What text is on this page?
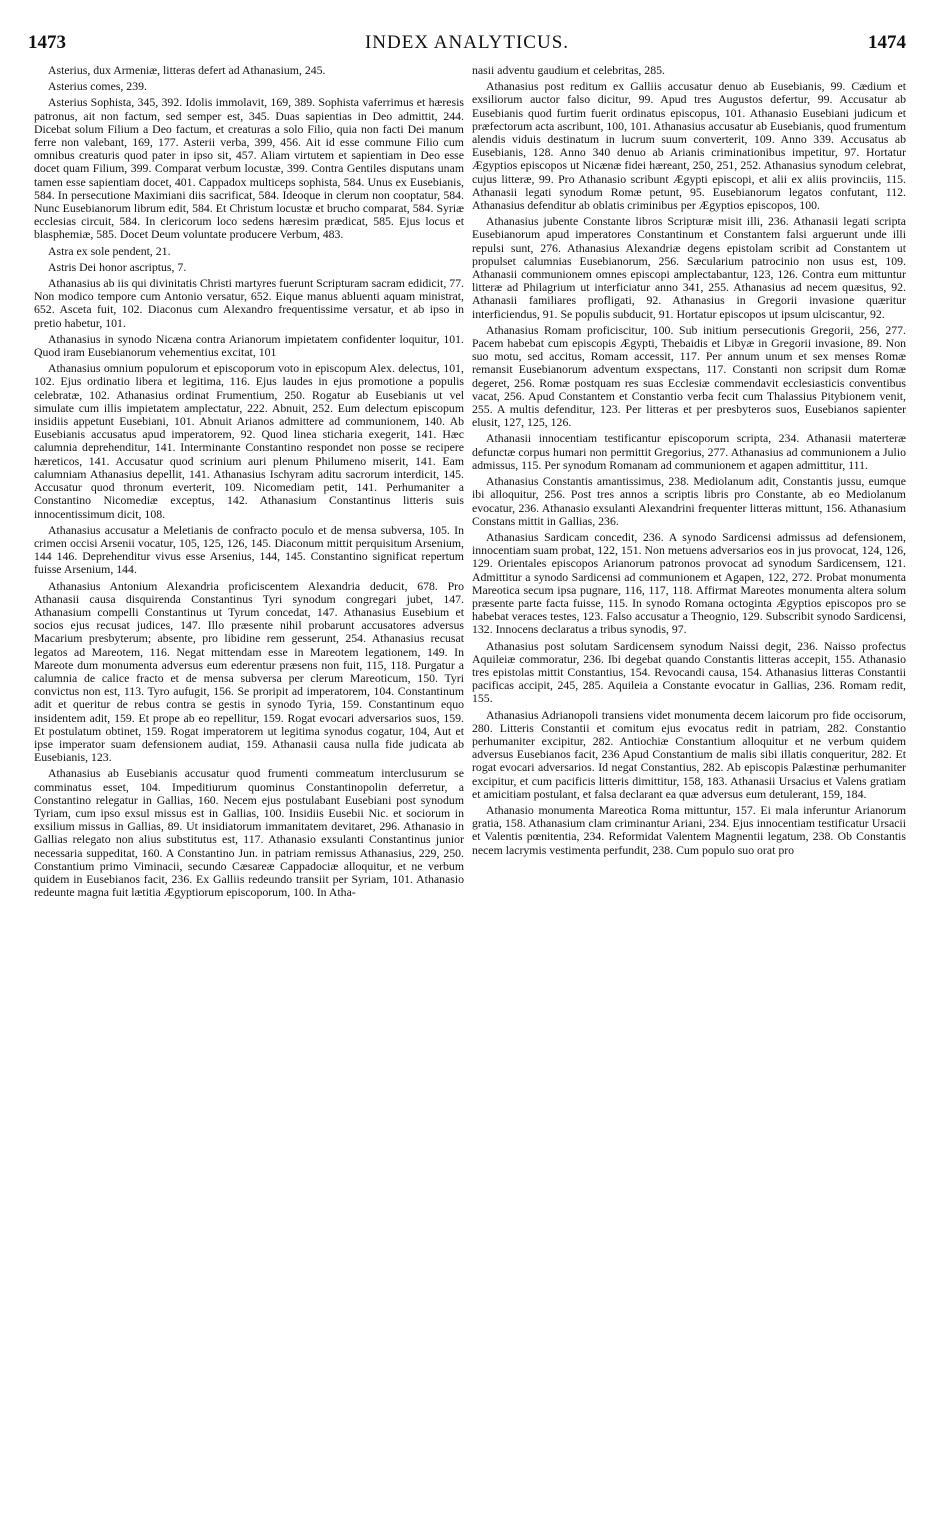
1473	INDEX ANALYTICUS.	1474

Asterius, dux Armeniæ, litteras defert ad Athanasium, 245.

Asterius comes, 239.

Asterius Sophista, 345, 392. Idolis immolavit, 169, 389. Sophista vaferrimus et hæresis patronus, ait non factum, sed semper est, 345. Duas sapientias in Deo admittit, 244. Dicebat solum Filium a Deo factum, et creaturas a solo Filio, quia non facti Dei manum ferre non valebant, 169, 177. Asterii verba, 399, 456. Ait id esse commune Filio cum omnibus creaturis quod pater in ipso sit, 457. Aliam virtutem et sapientiam in Deo esse docet quam Filium, 399. Comparat verbum locustæ, 399. Contra Gentiles disputans unam tamen esse sapientiam docet, 401. Cappadox multiceps sophista, 584. Unus ex Eusebianis, 584. In persecutione Maximiani diis sacrificat, 584. Ideoque in clerum non cooptatur, 584. Nunc Eusebianorum librum edit, 584. Et Christum locustæ et brucho comparat, 584. Syriæ ecclesias circuit, 584. In clericorum loco sedens hæresim prædicat, 585. Ejus locus et blasphemiæ, 585. Docet Deum voluntate producere Verbum, 483.

Astra ex sole pendent, 21.

Astris Dei honor ascriptus, 7.

Athanasius ab iis qui divinitatis Christi martyres fuerunt Scripturam sacram edidicit, 77. Non modico tempore cum Antonio versatur, 652. Eique manus abluenti aquam ministrat, 652. Asceta fuit, 102. Diaconus cum Alexandro frequentissime versatur, et ab ipso in pretio habetur, 101.

Athanasius in synodo Nicæna contra Arianorum impietatem confidenter loquitur, 101. Quod iram Eusebianorum vehementius excitat, 101

Athanasius omnium populorum et episcoporum voto in episcopum Alex. delectus, 101, 102. Ejus ordinatio libera et legitima, 116. Ejus laudes in ejus promotione a populis celebratæ, 102. Athanasius ordinat Frumentium, 250. Rogatur ab Eusebianis ut vel simulate cum illis impietatem amplectatur, 222. Abnuit, 252. Eum delectum episcopum insidiis appetunt Eusebiani, 101. Abnuit Arianos admittere ad communionem, 140. Ab Eusebianis accusatus apud imperatorem, 92. Quod linea sticharia exegerit, 141. Hæc calumnia deprehenditur, 141. Interminante Constantino respondet non posse se recipere hæreticos, 141. Accusatur quod scrinium auri plenum Philumeno miserit, 141. Eam calumniam Athanasius depellit, 141. Athanasius Ischyram aditu sacrorum interdicit, 145. Accusatur quod thronum everterit, 109. Nicomediam petit, 141. Perhumaniter a Constantino Nicomediæ exceptus, 142. Athanasium Constantinus litteris suis innocentissimum dicit, 108.

Athanasius accusatur a Meletianis de confracto poculo et de mensa subversa, 105. In crimen occisi Arsenii vocatur, 105, 125, 126, 145. Diaconum mittit perquisitum Arsenium, 144 146. Deprehenditur vivus esse Arsenius, 144, 145. Constantino significat repertum fuisse Arsenium, 144.

Athanasius Antonium Alexandria proficiscentem Alexandria deducit, 678. Pro Athanasii causa disquirenda Constantinus Tyri synodum congregari jubet, 147. Athanasium compelli Constantinus ut Tyrum concedat, 147. Athanasius Eusebium et socios ejus recusat judices, 147. Illo præsente nihil probarunt accusatores adversus Macarium presbyterum; absente, pro libidine rem gesserunt, 254. Athanasius recusat legatos ad Mareotem, 116. Negat mittendam esse in Mareotem legationem, 149. In Mareote dum monumenta adversus eum ederentur præsens non fuit, 115, 118. Purgatur a calumnia de calice fracto et de mensa subversa per clerum Mareoticum, 150. Tyri convictus non est, 113. Tyro aufugit, 156. Se proripit ad imperatorem, 104. Constantinum adit et queritur de rebus contra se gestis in synodo Tyria, 159. Constantinum equo insidentem adit, 159. Et prope ab eo repellitur, 159. Rogat evocari adversarios suos, 159. Et postulatum obtinet, 159. Rogat imperatorem ut legitima synodus cogatur, 104, Aut et ipse imperator suam defensionem audiat, 159. Athanasii causa nulla fide judicata ab Eusebianis, 123.

Athanasius ab Eusebianis accusatur quod frumenti commeatum interclusurum se comminatus esset, 104. Impeditiurum quominus Constantinopolin deferretur, a Constantino relegatur in Gallias, 160. Necem ejus postulabant Eusebiani post synodum Tyriam, cum ipso exsul missus est in Gallias, 100. Insidiis Eusebii Nic. et sociorum in exsilium missus in Gallias, 89. Ut insidiatorum immanitatem devitaret, 296. Athanasio in Gallias relegato non alius substitutus est, 117. Athanasio exsulanti Constantinus junior necessaria suppeditat, 160. A Constantino Jun. in patriam remissus Athanasius, 229, 250. Constantium primo Viminacii, secundo Cæsareæ Cappadociæ alloquitur, et ne verbum quidem in Eusebianos facit, 236. Ex Galliis redeundo transiit per Syriam, 101. Athanasio redeunte magna fuit lætitia Ægyptiorum episcoporum, 100. In Atha-

nasii adventu gaudium et celebritas, 285.

Athanasius post reditum ex Galliis accusatur denuo ab Eusebianis, 99. Cædium et exsiliorum auctor falso dicitur, 99. Apud tres Augustos defertur, 99. Accusatur ab Eusebianis quod furtim fuerit ordinatus episcopus, 101. Athanasio Eusebiani judicum et præfectorum acta ascribunt, 100, 101. Athanasius accusatur ab Eusebianis, quod frumentum alendis viduis destinatum in lucrum suum converterit, 109. Anno 339. Accusatus ab Eusebianis, 128. Anno 340 denuo ab Arianis criminationibus impetitur, 97. Hortatur Ægyptios episcopos ut Nicænæ fidei hæreant, 250, 251, 252. Athanasius synodum celebrat, cujus litteræ, 99. Pro Athanasio scribunt Ægypti episcopi, et alii ex aliis provinciis, 115. Athanasii legati synodum Romæ petunt, 95. Eusebianorum legatos confutant, 112. Athanasius defenditur ab oblatis criminibus per Ægyptios episcopos, 100.

Athanasius jubente Constante libros Scripturæ misit illi, 236. Athanasii legati scripta Eusebianorum apud imperatores Constantinum et Constantem falsi arguerunt unde illi repulsi sunt, 276. Athanasius Alexandriæ degens epistolam scribit ad Constantem ut propulset calumnias Eusebianorum, 256. Sæcularium patrocinio non usus est, 109. Athanasii communionem omnes episcopi amplectabantur, 123, 126. Contra eum mittuntur litteræ ad Philagrium ut interficiatur anno 341, 255. Athanasius ad necem quæsitus, 92. Athanasii familiares profligati, 92. Athanasius in Gregorii invasione quæritur interficiendus, 91. Se populis subducit, 91. Hortatur episcopos ut ipsum ulciscantur, 92.

Athanasius Romam proficiscitur, 100. Sub initium persecutionis Gregorii, 256, 277. Pacem habebat cum episcopis Ægypti, Thebaidis et Libyæ in Gregorii invasione, 89. Non suo motu, sed accitus, Romam accessit, 117. Per annum unum et sex menses Romæ remansit Eusebianorum adventum exspectans, 117. Constanti non scripsit dum Romæ degeret, 256. Romæ postquam res suas Ecclesiæ commendavit ecclesiasticis conventibus vacat, 256. Apud Constantem et Constantio verba fecit cum Thalassius Pitybionem venit, 255. A multis defenditur, 123. Per litteras et per presbyteros suos, Eusebianos sapienter elusit, 127, 125, 126.

Athanasii innocentiam testificantur episcoporum scripta, 234. Athanasii materteræ defunctæ corpus humari non permittit Gregorius, 277. Athanasius ad communionem a Julio admissus, 115. Per synodum Romanam ad communionem et agapen admittitur, 111.

Athanasius Constantis amantissimus, 238. Mediolanum adit, Constantis jussu, eumque ibi alloquitur, 256. Post tres annos a scriptis libris pro Constante, ab eo Mediolanum evocatur, 236. Athanasio exsulanti Alexandrini frequenter litteras mittunt, 156. Athanasium Constans mittit in Gallias, 236.

Athanasius Sardicam concedit, 236. A synodo Sardicensi admissus ad defensionem, innocentiam suam probat, 122, 151. Non metuens adversarios eos in jus provocat, 124, 126, 129. Orientales episcopos Arianorum patronos provocat ad synodum Sardicensem, 121. Admittitur a synodo Sardicensi ad communionem et Agapen, 122, 272. Probat monumenta Mareotica secum ipsa pugnare, 116, 117, 118. Affirmat Mareotes monumenta altera solum præsente parte facta fuisse, 115. In synodo Romana octoginta Ægyptios episcopos pro se habebat veraces testes, 123. Falso accusatur a Theognio, 129. Subscribit synodo Sardicensi, 132. Innocens declaratus a tribus synodis, 97.

Athanasius post solutam Sardicensem synodum Naissi degit, 236. Naisso profectus Aquileiæ commoratur, 236. Ibi degebat quando Constantis litteras accepit, 155. Athanasio tres epistolas mittit Constantius, 154. Revocandi causa, 154. Athanasius litteras Constantii pacificas accipit, 245, 285. Aquileia a Constante evocatur in Gallias, 236. Romam redit, 155.

Athanasius Adrianopoli transiens videt monumenta decem laicorum pro fide occisorum, 280. Litteris Constantii et comitum ejus evocatus redit in patriam, 282. Constantio perhumaniter excipitur, 282. Antiochiæ Constantium alloquitur et ne verbum quidem adversus Eusebianos facit, 236 Apud Constantium de malis sibi illatis conqueritur, 282. Et rogat evocari adversarios. Id negat Constantius, 282. Ab episcopis Palæstinæ perhumaniter excipitur, et cum pacificis litteris dimittitur, 158, 183. Athanasii Ursacius et Valens gratiam et amicitiam postulant, et falsa declarant ea quæ adversus eum detulerant, 159, 184.

Athanasio monumenta Mareotica Roma mittuntur, 157. Ei mala inferuntur Arianorum gratia, 158. Athanasium clam criminantur Ariani, 234. Ejus innocentiam testificatur Ursacii et Valentis pœnitentia, 234. Reformidat Valentem Magnentii legatum, 238. Ob Constantis necem lacrymis vestimenta perfundit, 238. Cum populo suo orat pro
